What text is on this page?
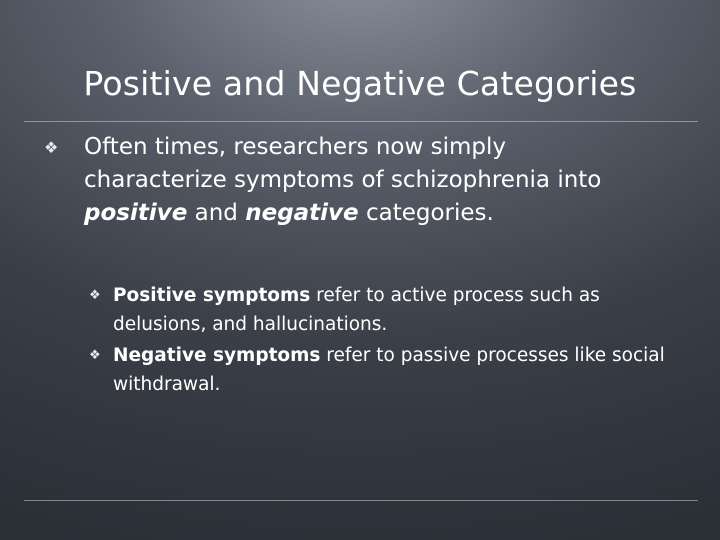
Positive and Negative Categories
❖ Often times, researchers now simply characterize symptoms of schizophrenia into positive and negative categories.
❖ Positive symptoms refer to active process such as delusions, and hallucinations.
❖ Negative symptoms refer to passive processes like social withdrawal.
